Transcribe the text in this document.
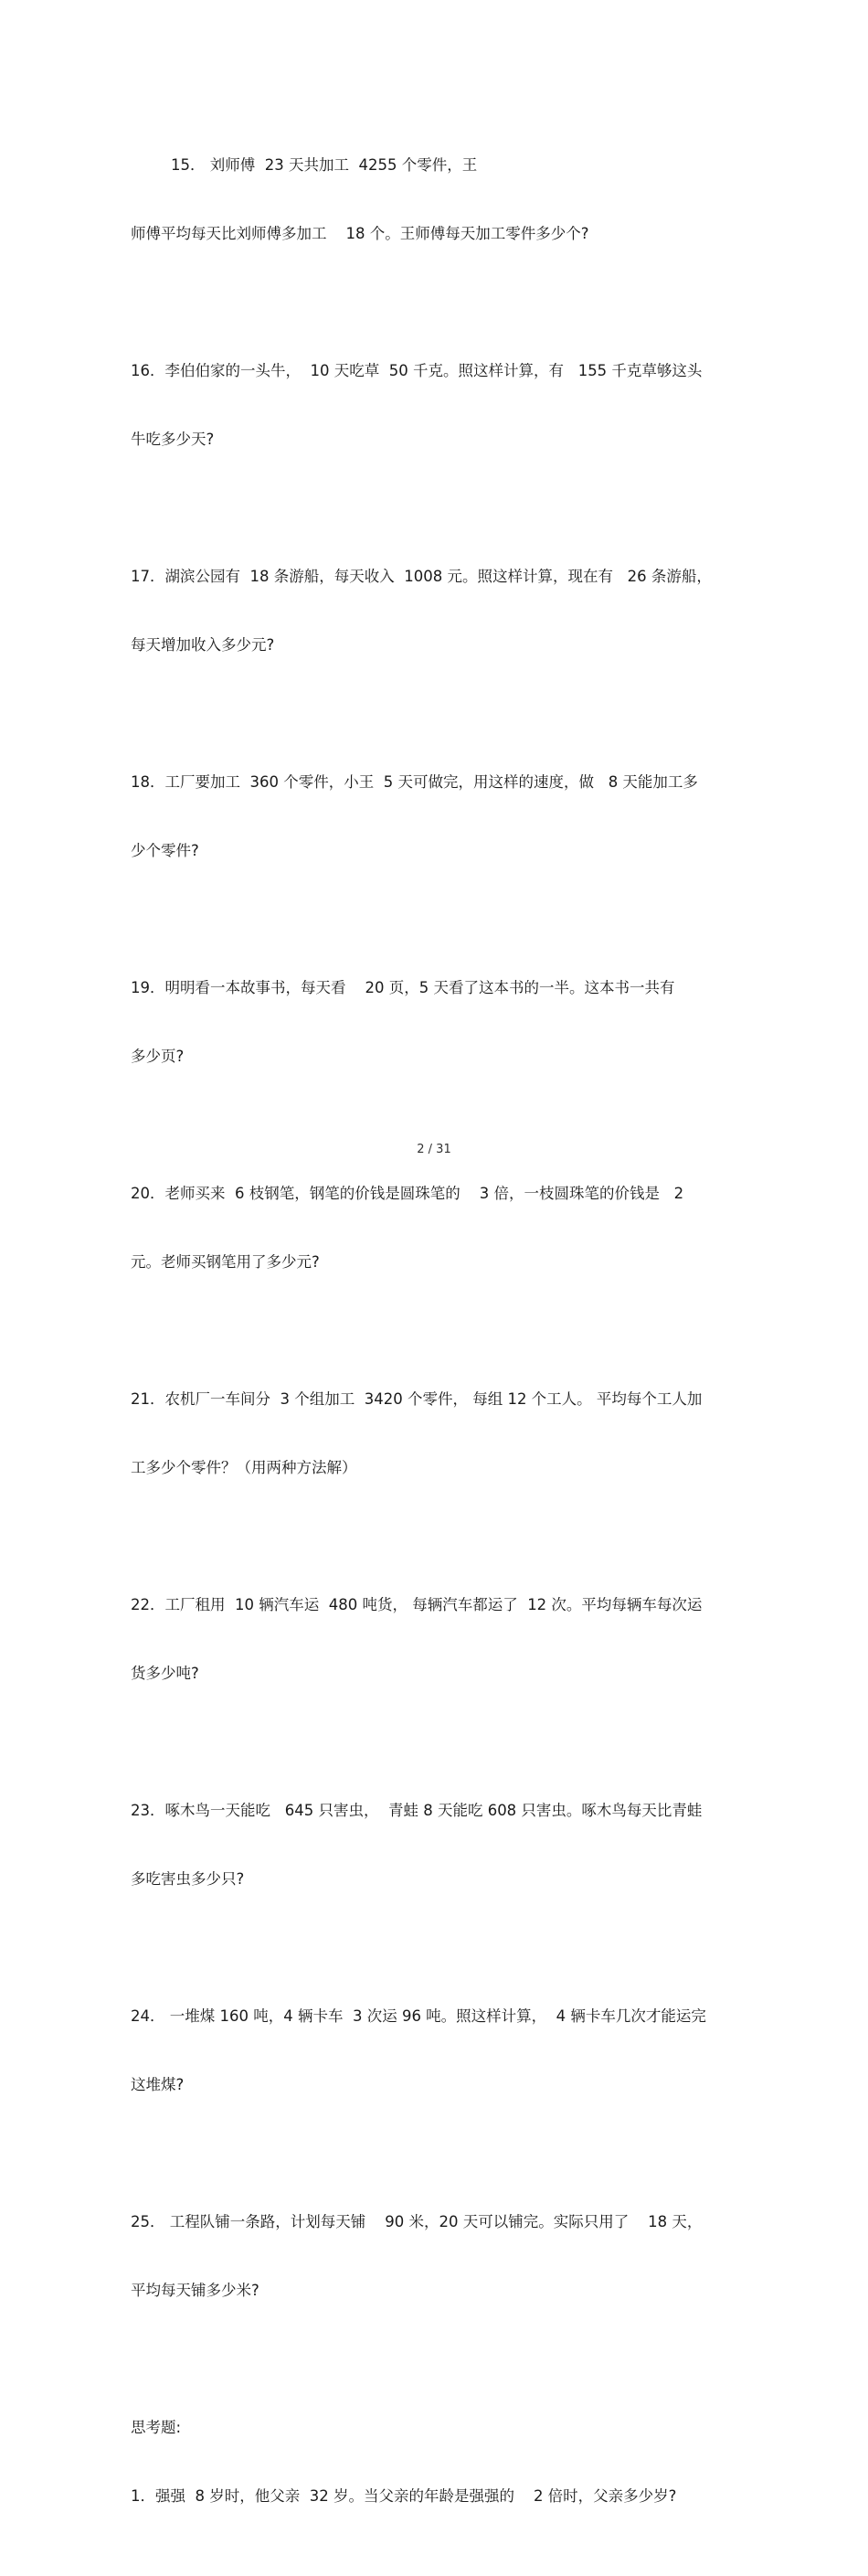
15． 刘师傅  23 天共加工  4255 个零件，王

师傅平均每天比刘师傅多加工    18 个。王师傅每天加工零件多少个?

16．李伯伯家的一头牛，  10 天吃草  50 千克。照这样计算，有   155 千克草够这头

牛吃多少天?

17．湖滨公园有  18 条游船，每天收入  1008 元。照这样计算，现在有   26 条游船，

每天增加收入多少元?

18．工厂要加工  360 个零件，小王  5 天可做完，用这样的速度，做   8 天能加工多

少个零件?

19．明明看一本故事书，每天看    20 页，5 天看了这本书的一半。这本书一共有

多少页?

20．老师买来  6 枝钢笔，钢笔的价钱是圆珠笔的    3 倍，一枝圆珠笔的价钱是   2

元。老师买钢笔用了多少元?

21．农机厂一车间分  3 个组加工  3420 个零件， 每组 12 个工人。 平均每个工人加

工多少个零件？（用两种方法解）

22．工厂租用  10 辆汽车运  480 吨货， 每辆汽车都运了  12 次。平均每辆车每次运

货多少吨?

23．啄木鸟一天能吃   645 只害虫，  青蛙 8 天能吃 608 只害虫。啄木鸟每天比青蛙

多吃害虫多少只?

24． 一堆煤 160 吨，4 辆卡车  3 次运 96 吨。照这样计算，  4 辆卡车几次才能运完

这堆煤?

25． 工程队铺一条路，计划每天铺    90 米，20 天可以铺完。实际只用了    18 天，

平均每天铺多少米?

思考题:

1．强强  8 岁时，他父亲  32 岁。当父亲的年龄是强强的    2 倍时，父亲多少岁?

2 / 31
